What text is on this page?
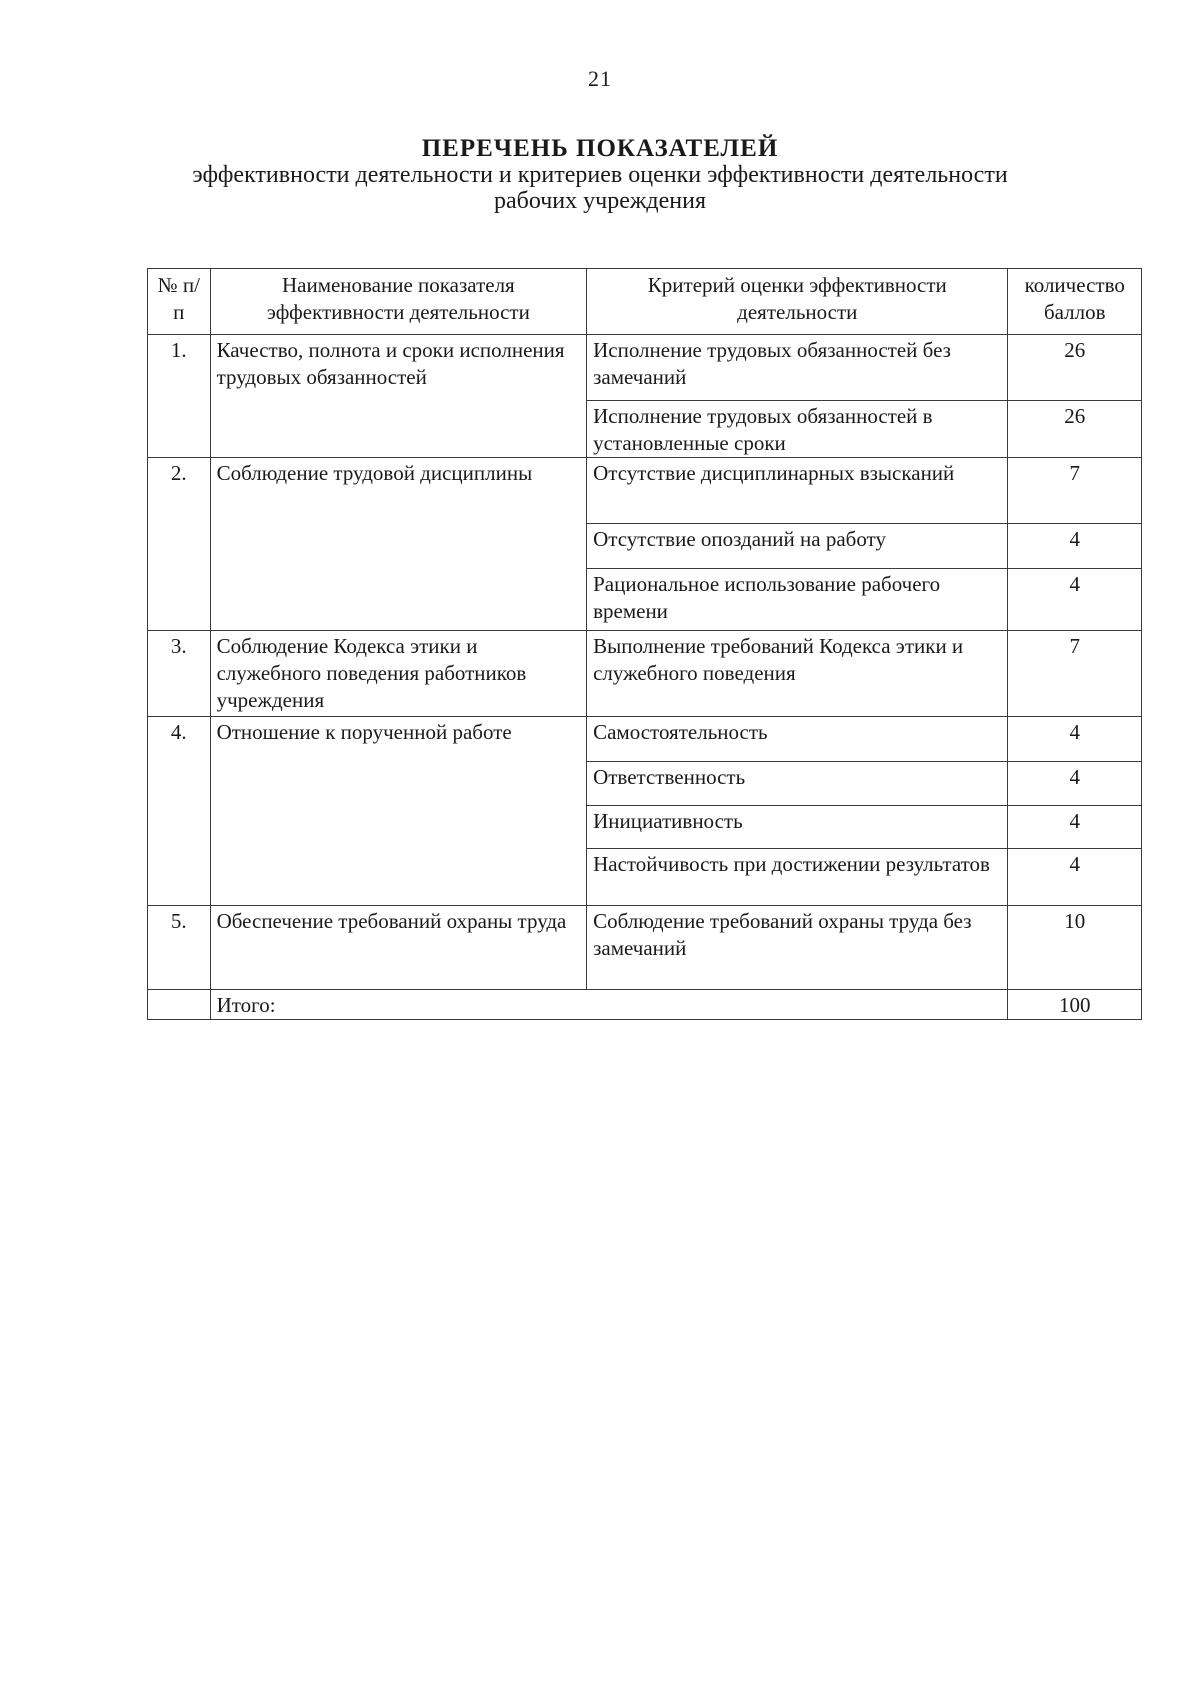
21
ПЕРЕЧЕНЬ ПОКАЗАТЕЛЕЙ
эффективности деятельности и критериев оценки эффективности деятельности
рабочих учреждения
№ п/п	Наименование показателя эффективности деятельности	Критерий оценки эффективности деятельности	количество баллов
1.	Качество, полнота и сроки исполнения трудовых обязанностей	Исполнение трудовых обязанностей без замечаний	26
		Исполнение трудовых обязанностей в установленные сроки	26
2.	Соблюдение трудовой дисциплины	Отсутствие дисциплинарных взысканий	7
		Отсутствие опозданий на работу	4
		Рациональное использование рабочего времени	4
3.	Соблюдение Кодекса этики и служебного поведения работников учреждения	Выполнение требований Кодекса этики и служебного поведения	7
4.	Отношение к порученной работе	Самостоятельность	4
		Ответственность	4
		Инициативность	4
		Настойчивость при достижении результатов	4
5.	Обеспечение требований охраны труда	Соблюдение требований охраны труда без замечаний	10
	Итого:		100
